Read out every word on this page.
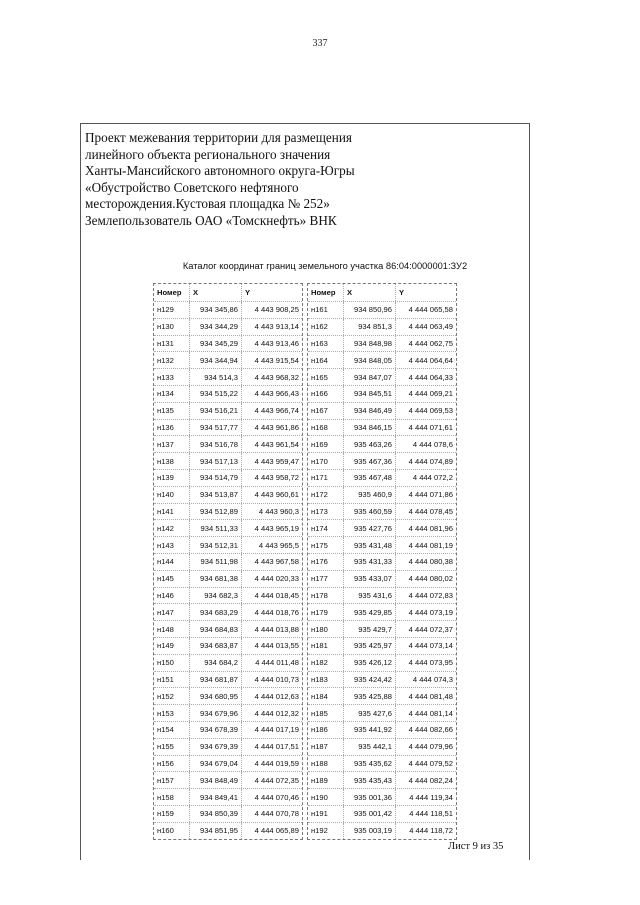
337
Проект межевания территории для размещения
линейного объекта регионального значения
Ханты-Мансийского автономного округа-Югры
«Обустройство Советского нефтяного
месторождения.Кустовая площадка № 252»
Землепользователь ОАО «Томскнефть» ВНК
Каталог координат границ земельного участка 86:04:0000001:ЗУ2
Номер	X	Y
н129	934 345,86	4 443 908,25
н130	934 344,29	4 443 913,14
н131	934 345,29	4 443 913,46
н132	934 344,94	4 443 915,54
н133	934 514,3	4 443 968,32
н134	934 515,22	4 443 966,43
н135	934 516,21	4 443 966,74
н136	934 517,77	4 443 961,86
н137	934 516,78	4 443 961,54
н138	934 517,13	4 443 959,47
н139	934 514,79	4 443 958,72
н140	934 513,87	4 443 960,61
н141	934 512,89	4 443 960,3
н142	934 511,33	4 443 965,19
н143	934 512,31	4 443 965,5
н144	934 511,98	4 443 967,58
н145	934 681,38	4 444 020,33
н146	934 682,3	4 444 018,45
н147	934 683,29	4 444 018,76
н148	934 684,83	4 444 013,88
н149	934 683,87	4 444 013,55
н150	934 684,2	4 444 011,48
н151	934 681,87	4 444 010,73
н152	934 680,95	4 444 012,63
н153	934 679,96	4 444 012,32
н154	934 678,39	4 444 017,19
н155	934 679,39	4 444 017,51
н156	934 679,04	4 444 019,59
н157	934 848,49	4 444 072,35
н158	934 849,41	4 444 070,46
н159	934 850,39	4 444 070,78
н160	934 851,95	4 444 065,89
Номер	X	Y
н161	934 850,96	4 444 065,58
н162	934 851,3	4 444 063,49
н163	934 848,98	4 444 062,75
н164	934 848,05	4 444 064,64
н165	934 847,07	4 444 064,33
н166	934 845,51	4 444 069,21
н167	934 846,49	4 444 069,53
н168	934 846,15	4 444 071,61
н169	935 463,26	4 444 078,6
н170	935 467,36	4 444 074,89
н171	935 467,48	4 444 072,2
н172	935 460,9	4 444 071,86
н173	935 460,59	4 444 078,45
н174	935 427,76	4 444 081,96
н175	935 431,48	4 444 081,19
н176	935 431,33	4 444 080,38
н177	935 433,07	4 444 080,02
н178	935 431,6	4 444 072,83
н179	935 429,85	4 444 073,19
н180	935 429,7	4 444 072,37
н181	935 425,97	4 444 073,14
н182	935 426,12	4 444 073,95
н183	935 424,42	4 444 074,3
н184	935 425,88	4 444 081,48
н185	935 427,6	4 444 081,14
н186	935 441,92	4 444 082,66
н187	935 442,1	4 444 079,96
н188	935 435,62	4 444 079,52
н189	935 435,43	4 444 082,24
н190	935 001,36	4 444 119,34
н191	935 001,42	4 444 118,51
н192	935 003,19	4 444 118,72
Лист 9 из 35
